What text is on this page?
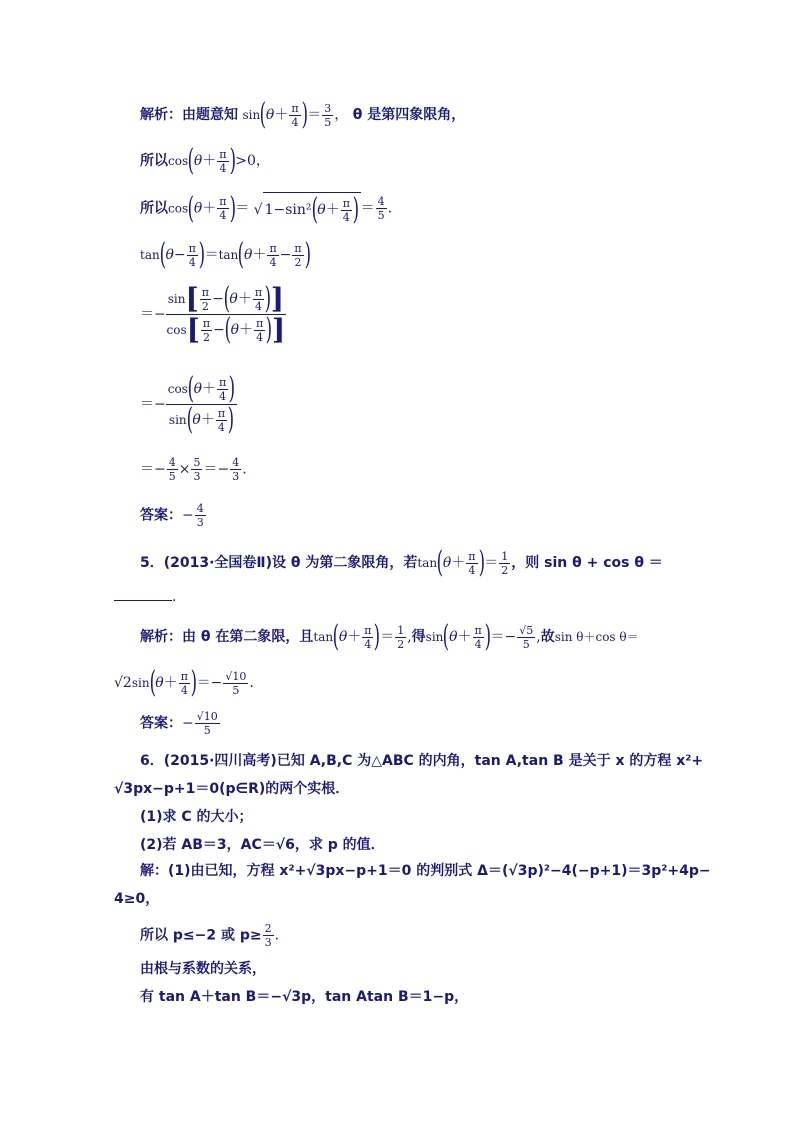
解析：由题意知 $\sin(\theta+ \frac{\pi}{4}$ )＝ $\frac{3}{5}$ ， θ 是第四象限角，
所以$\cos(\theta+ \frac{\pi}{4} )>0$，
所以$\cos(\theta+ \frac{\pi}{4}$ )＝ √ $1-\sin^2(\theta+ \frac{\pi}{4}$ ) ＝ $\frac{4}{5}$ .
$\tan(\theta- \frac{\pi}{4} )=\tan(\theta+ \frac{\pi}{4} - \frac{\pi}{2}$ )
＝− $\frac{\sin[ \frac{\pi}{2} -(\theta+ \frac{\pi}{4} )]}{\cos[ \frac{\pi}{2} -(\theta+ \frac{\pi}{4} )]}$
＝− $\frac{\cos(\theta+ \frac{\pi}{4} )}{\sin(\theta+ \frac{\pi}{4} )}$
＝− $\frac{4}{5} \times \frac{5}{3} =- \frac{4}{3}$ .
答案：− $\frac{4}{3}$
5．(2013·全国卷Ⅱ)设 θ 为第二象限角，若$\tan(\theta+ \frac{\pi}{4}$ )＝ $\frac{1}{2}$ ，则 sin θ + cos θ ＝
.
解析：由 θ 在第二象限，且$\tan(\theta+ \frac{\pi}{4}$ )＝ $\frac{1}{2}$ ,得$\sin(\theta+ \frac{\pi}{4}$ )＝− $\frac{√5}{5}$ ,故sin θ＋cos θ＝
$√2\sin(\theta+ \frac{\pi}{4}$ )＝− $\frac{√10}{5}$ .
答案：− $\frac{√10}{5}$
6．(2015·四川高考)已知 A,B,C 为△ABC 的内角，tan A,tan B 是关于 x 的方程 x²+
√3px−p+1＝0(p∈R)的两个实根．
(1)求 C 的大小；
(2)若 AB＝3，AC＝√6，求 p 的值．
解：(1)由已知，方程 x²+√3px−p+1＝0 的判别式 Δ＝(√3p)²−4(−p+1)＝3p²+4p−
4≥0，
所以 p≤−2 或 $p\ge \frac{2}{3}$ .
由根与系数的关系，
有 tan A＋tan B＝−√3p，tan Atan B＝1−p，
